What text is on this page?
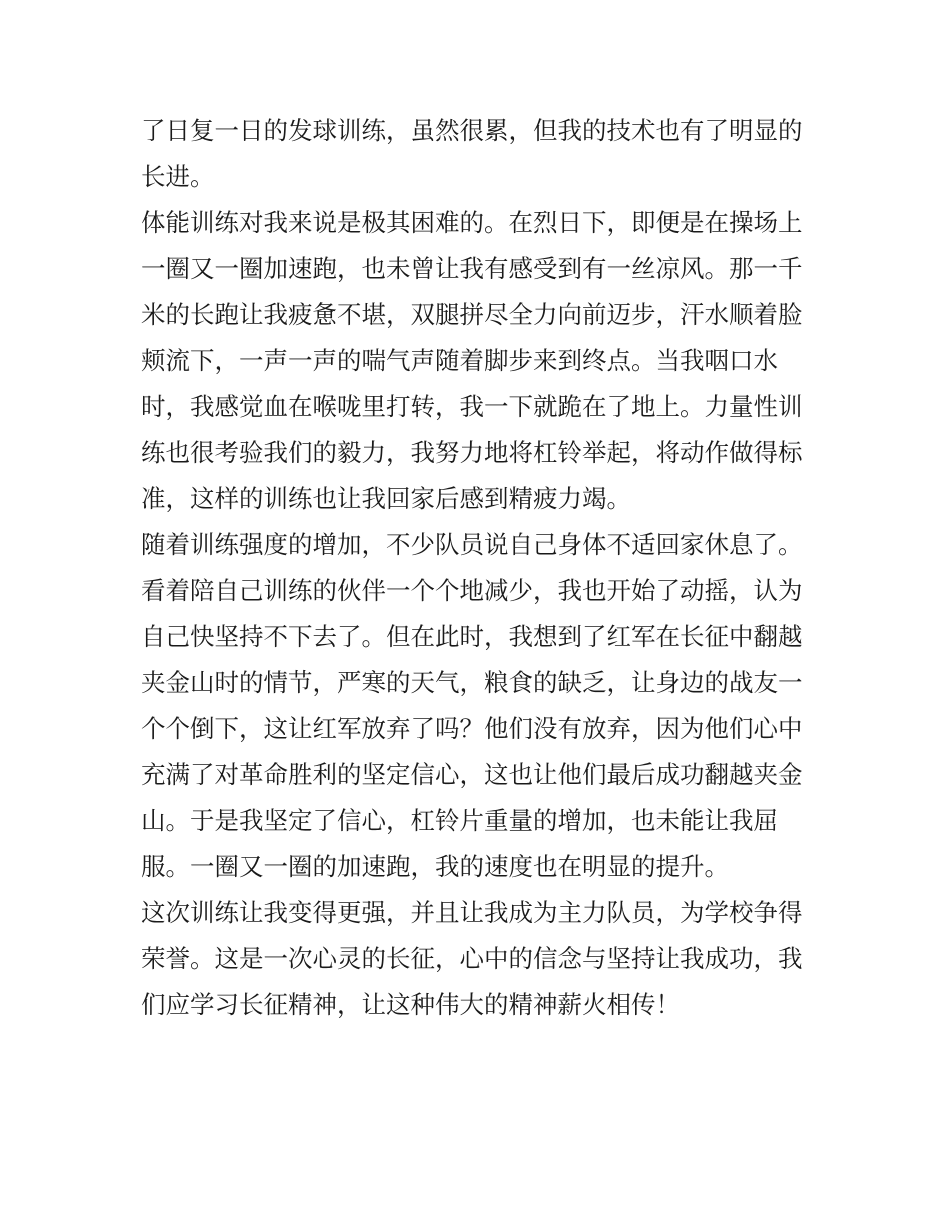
了日复一日的发球训练，虽然很累，但我的技术也有了明显的
长进。
体能训练对我来说是极其困难的。在烈日下，即便是在操场上
一圈又一圈加速跑，也未曾让我有感受到有一丝凉风。那一千
米的长跑让我疲惫不堪，双腿拼尽全力向前迈步，汗水顺着脸
颊流下，一声一声的喘气声随着脚步来到终点。当我咽口水
时，我感觉血在喉咙里打转，我一下就跪在了地上。力量性训
练也很考验我们的毅力，我努力地将杠铃举起，将动作做得标
准，这样的训练也让我回家后感到精疲力竭。
随着训练强度的增加，不少队员说自己身体不适回家休息了。
看着陪自己训练的伙伴一个个地减少，我也开始了动摇，认为
自己快坚持不下去了。但在此时，我想到了红军在长征中翻越
夹金山时的情节，严寒的天气，粮食的缺乏，让身边的战友一
个个倒下，这让红军放弃了吗？他们没有放弃，因为他们心中
充满了对革命胜利的坚定信心，这也让他们最后成功翻越夹金
山。于是我坚定了信心，杠铃片重量的增加，也未能让我屈
服。一圈又一圈的加速跑，我的速度也在明显的提升。
这次训练让我变得更强，并且让我成为主力队员，为学校争得
荣誉。这是一次心灵的长征，心中的信念与坚持让我成功，我
们应学习长征精神，让这种伟大的精神薪火相传！
